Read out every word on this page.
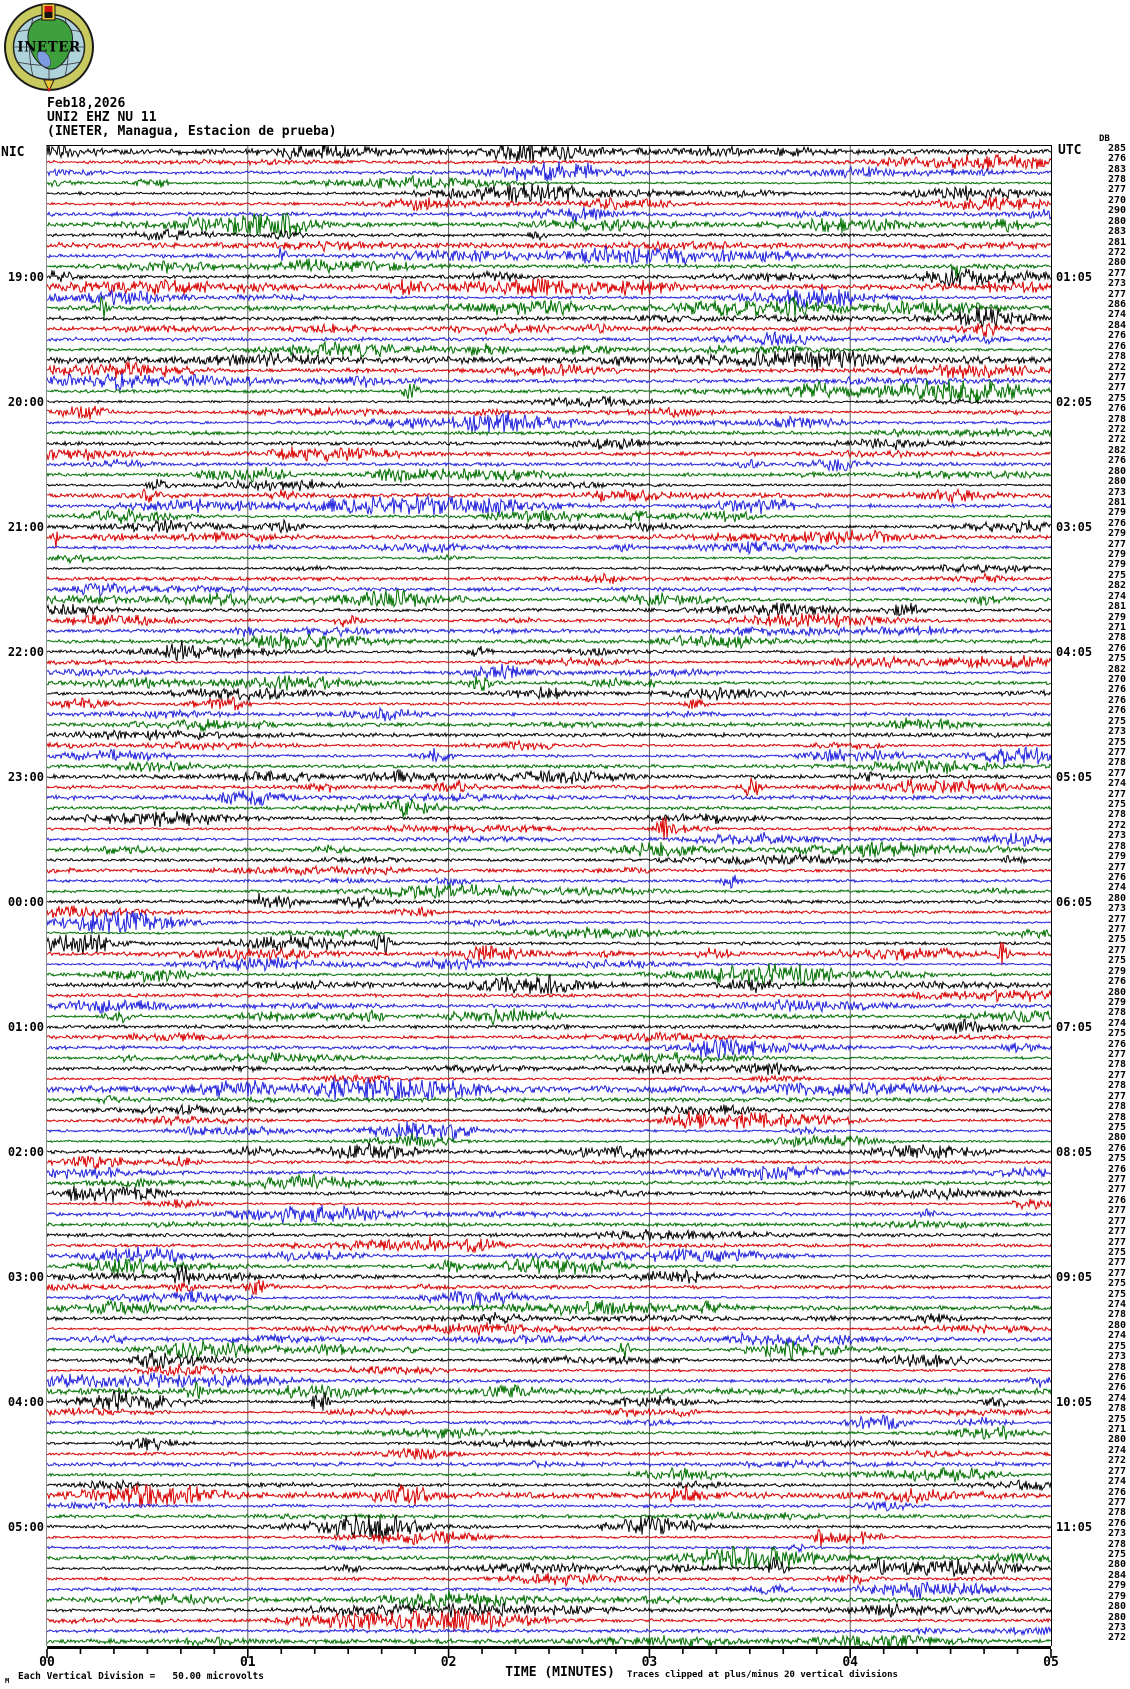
INETER
Feb18,2026
UNI2 EHZ NU 11
(INETER, Managua, Estacion de prueba)
NIC	UTC
DB
19:00
20:00
21:00
22:00
23:00
00:00
01:00
02:00
03:00
04:00
05:00
01:05
02:05
03:05
04:05
05:05
06:05
07:05
08:05
09:05
10:05
11:05
285
276
283
278
277
270
290
280
283
281
272
280
277
273
277
286
274
284
276
276
278
272
277
277
275
276
278
272
272
282
276
280
280
273
281
279
276
279
277
279
279
275
282
274
281
279
271
278
276
275
282
270
276
276
276
275
273
275
277
278
277
274
277
275
278
272
273
278
279
277
276
274
280
273
277
277
275
277
275
279
276
280
279
278
274
275
276
277
278
277
278
277
278
278
275
280
276
275
276
277
277
276
277
277
277
277
275
277
277
275
275
274
278
280
274
275
273
278
276
276
274
278
275
271
280
274
272
277
274
276
277
278
276
273
278
275
280
284
279
279
280
280
273
272
00	01	02	03	04	05
M Each Vertical Division =   50.00 microvolts	TIME (MINUTES) Traces clipped at plus/minus 20 vertical divisions
